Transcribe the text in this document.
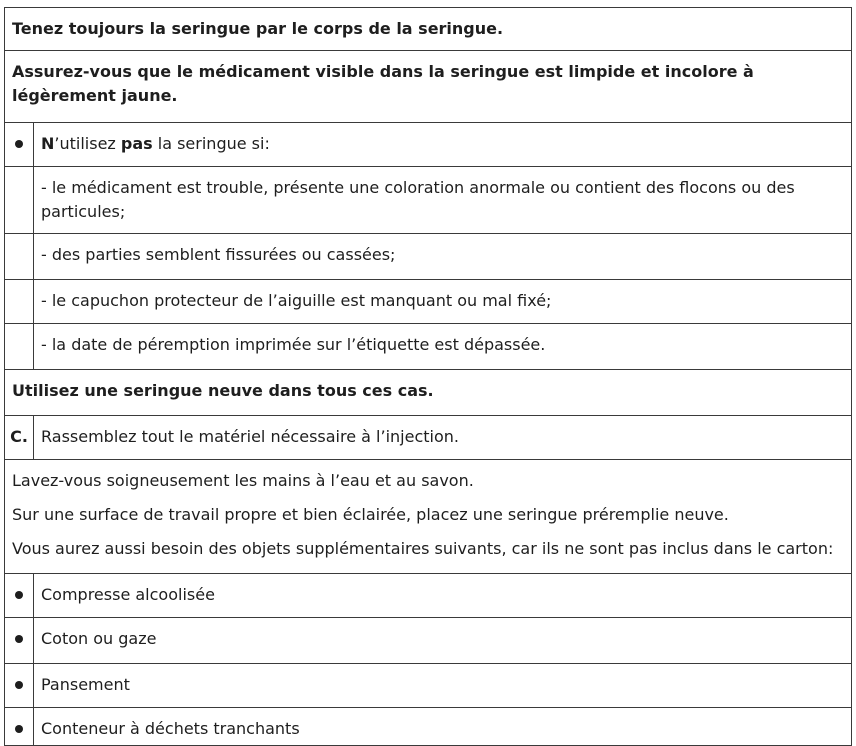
Tenez toujours la seringue par le corps de la seringue.
Assurez-vous que le médicament visible dans la seringue est limpide et incolore à légèrement jaune.
N’utilisez pas la seringue si:
- le médicament est trouble, présente une coloration anormale ou contient des flocons ou des particules;
- des parties semblent fissurées ou cassées;
- le capuchon protecteur de l’aiguille est manquant ou mal fixé;
- la date de péremption imprimée sur l’étiquette est dépassée.
Utilisez une seringue neuve dans tous ces cas.
C. Rassemblez tout le matériel nécessaire à l’injection.

Lavez-vous soigneusement les mains à l’eau et au savon.

Sur une surface de travail propre et bien éclairée, placez une seringue préremplie neuve.

Vous aurez aussi besoin des objets supplémentaires suivants, car ils ne sont pas inclus dans le carton:

Compresse alcoolisée
Coton ou gaze
Pansement
Conteneur à déchets tranchants
